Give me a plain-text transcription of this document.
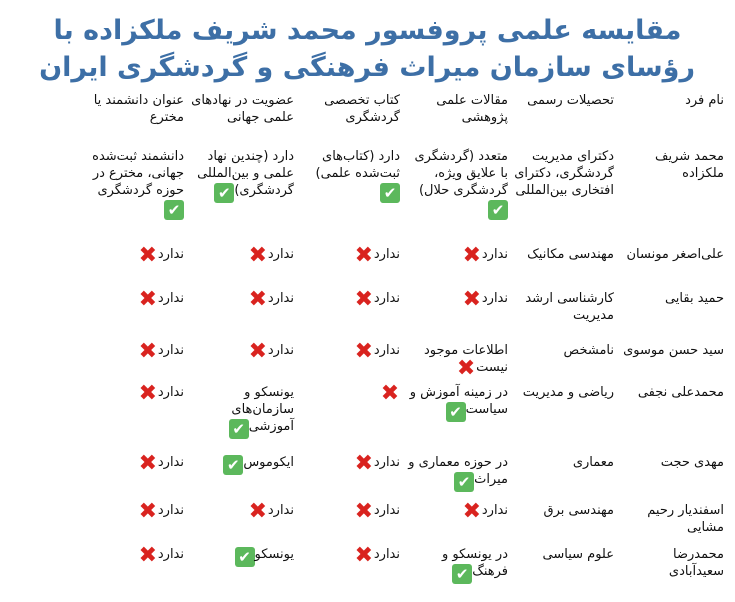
مقایسه علمی پروفسور محمد شریف ملکزاده با
رؤسای سازمان میراث فرهنگی و گردشگری ایران
نام فرد	تحصیلات رسمی	مقالات علمی پژوهشی	کتاب تخصصی گردشگری	عضویت در نهادهای علمی جهانی	عنوان دانشمند یا مخترع
محمد شریف ملکزاده	دکترای مدیریت گردشگری، دکترای افتخاری بین‌المللی	متعدد (گردشگری با علایق ویژه، گردشگری حلال)✔	دارد (کتاب‌های ثبت‌شده علمی)✔	دارد (چندین نهاد علمی و بین‌المللی گردشگری)✔	دانشمند ثبت‌شده جهانی، مخترع در حوزه گردشگری✔
علی‌اصغر مونسان	مهندسی مکانیک	ندارد✖	ندارد✖	ندارد✖	ندارد✖
حمید بقایی	کارشناسی ارشد مدیریت	ندارد✖	ندارد✖	ندارد✖	ندارد✖
سید حسن موسوی	نامشخص	اطلاعات موجود نیست✖	ندارد✖	ندارد✖	ندارد✖
محمدعلی نجفی	ریاضی و مدیریت	در زمینه آموزش و سیاست✔	✖	یونسکو و سازمان‌های آموزشی✔	ندارد✖
مهدی حجت	معماری	در حوزه معماری و میراث✔	ندارد✖	ایکوموس✔	ندارد✖
اسفندیار رحیم مشایی	مهندسی برق	ندارد✖	ندارد✖	ندارد✖	ندارد✖
محمدرضا سعیدآبادی	علوم سیاسی	در یونسکو و فرهنگ✔	ندارد✖	یونسکو✔	ندارد✖
